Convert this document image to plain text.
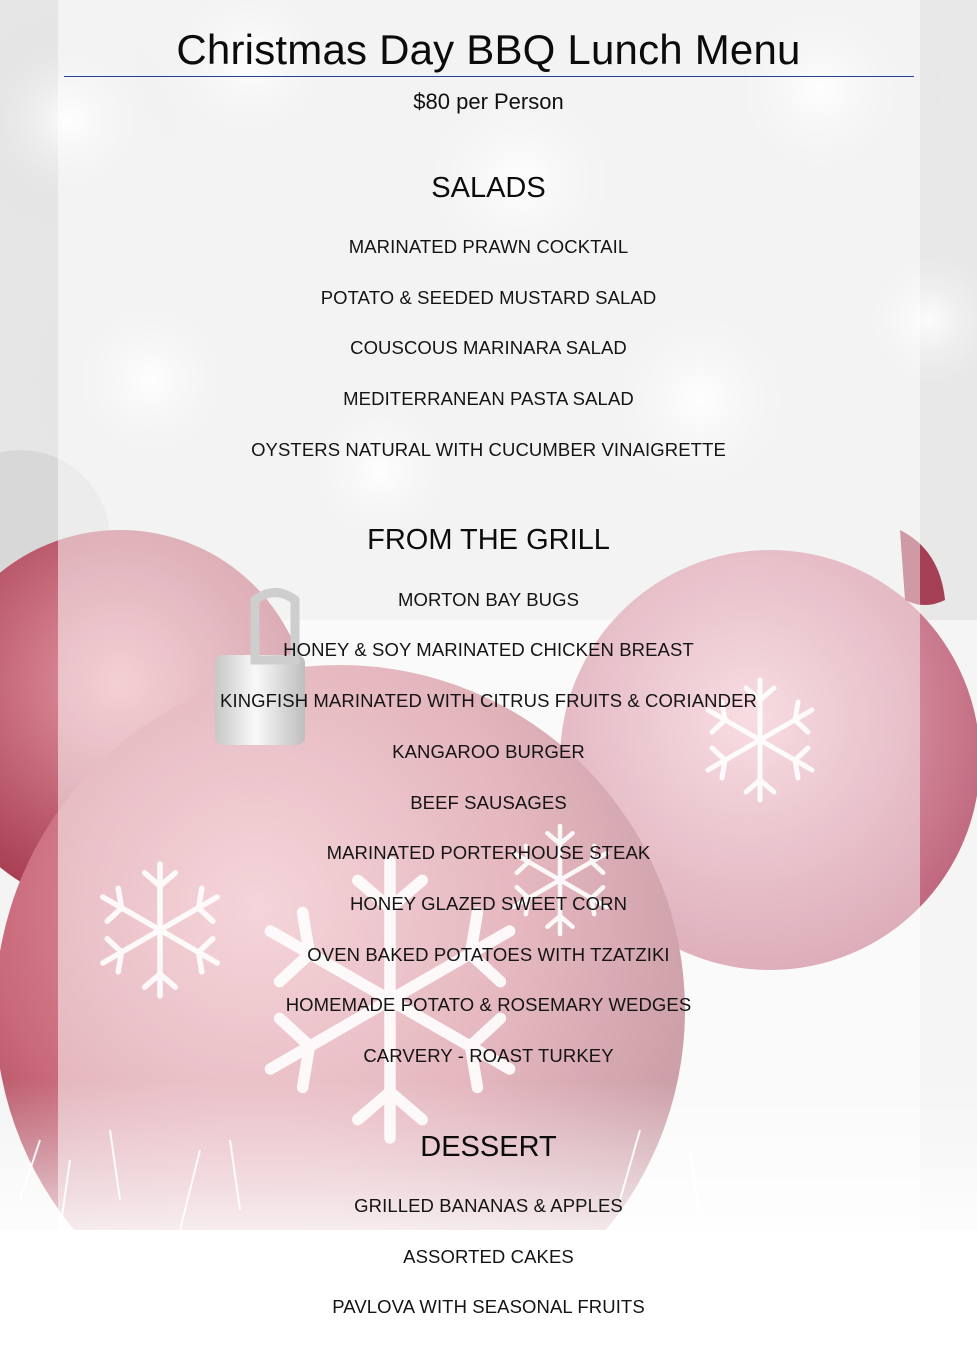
Christmas Day BBQ Lunch Menu
$80 per Person
SALADS
MARINATED PRAWN COCKTAIL
POTATO & SEEDED MUSTARD SALAD
COUSCOUS MARINARA SALAD
MEDITERRANEAN PASTA SALAD
OYSTERS NATURAL WITH CUCUMBER VINAIGRETTE
FROM THE GRILL
MORTON BAY BUGS
HONEY & SOY MARINATED CHICKEN BREAST
KINGFISH MARINATED WITH CITRUS FRUITS & CORIANDER
KANGAROO BURGER
BEEF SAUSAGES
MARINATED PORTERHOUSE STEAK
HONEY GLAZED SWEET CORN
OVEN BAKED POTATOES WITH TZATZIKI
HOMEMADE POTATO & ROSEMARY WEDGES
CARVERY - ROAST TURKEY
DESSERT
GRILLED BANANAS & APPLES
ASSORTED CAKES
PAVLOVA WITH SEASONAL FRUITS
